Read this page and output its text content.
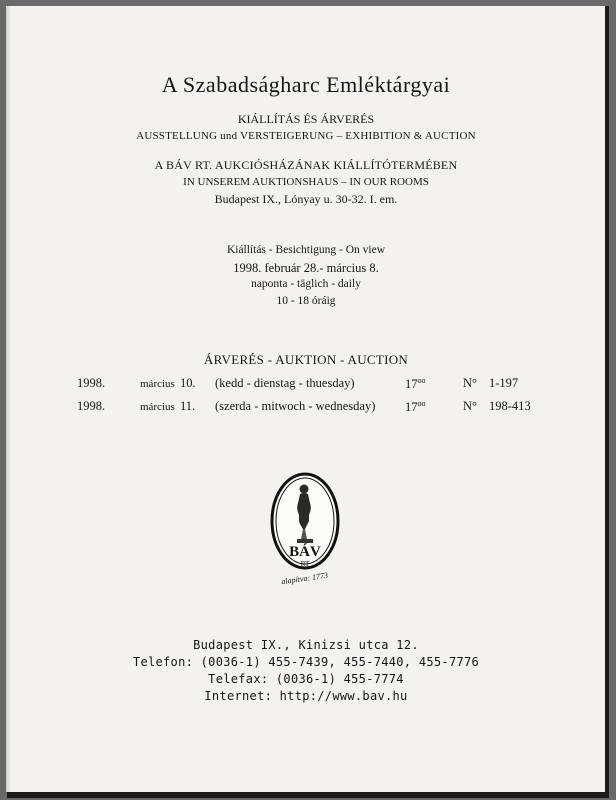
A Szabadságharc Emléktárgyai
KIÁLLÍTÁS ÉS ÁRVERÉS
AUSSTELLUNG und VERSTEIGERUNG – EXHIBITION & AUCTION
A BÁV RT. AUKCIÓSHÁZÁNAK KIÁLLÍTÓTERMÉBEN
IN UNSEREM AUKTIONSHAUS – IN OUR ROOMS
Budapest IX., Lónyay u. 30-32. I. em.
Kiállítás - Besichtigung - On view
1998. február 28.- március 8.
naponta - täglich - daily
10 - 18 óráig
ÁRVERÉS - AUKTION - AUCTION
1998.	március 10. (kedd - dienstag - thuesday)	$17^{oo}$	N° 1-197
1998.	március 11. (szerda - mitwoch - wednesday) $17^{oo}$	N° 198-413
BÁV
RT
alapítva: 1773
Budapest IX., Kinizsi utca 12.
Telefon: (0036-1) 455-7439, 455-7440, 455-7776
Telefax: (0036-1) 455-7774
Internet: http://www.bav.hu
